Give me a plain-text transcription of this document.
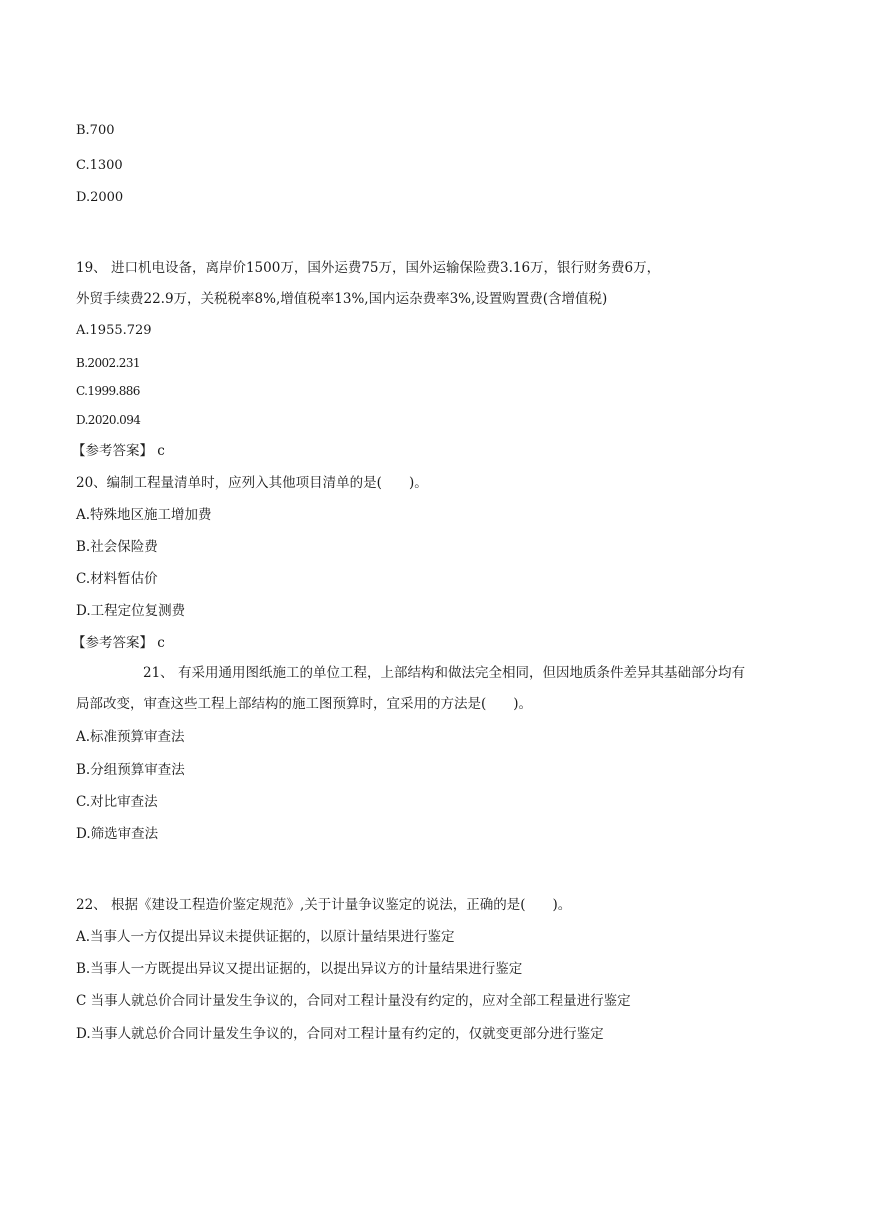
B.700
C.1300
D.2000
19、 进口机电设备，离岸价1500万，国外运费75万，国外运输保险费3.16万，银行财务费6万，
外贸手续费22.9万，关税税率8%,增值税率13%,国内运杂费率3%,设置购置费(含增值税)
A.1955.729
B.2002.231
C.1999.886
D.2020.094
【参考答案】 c
20、编制工程量清单时，应列入其他项目清单的是(　　)。
A.特殊地区施工增加费
B.社会保险费
C.材料暂估价
D.工程定位复测费
【参考答案】 c
21、 有采用通用图纸施工的单位工程，上部结构和做法完全相同，但因地质条件差异其基础部分均有
局部改变，审查这些工程上部结构的施工图预算时，宜采用的方法是(　　)。
A.标准预算审查法
B.分组预算审查法
C.对比审查法
D.筛选审查法
22、 根据《建设工程造价鉴定规范》,关于计量争议鉴定的说法，正确的是(　　)。
A.当事人一方仅提出异议未提供证据的，以原计量结果进行鉴定
B.当事人一方既提出异议又提出证据的，以提出异议方的计量结果进行鉴定
C 当事人就总价合同计量发生争议的，合同对工程计量没有约定的，应对全部工程量进行鉴定
D.当事人就总价合同计量发生争议的，合同对工程计量有约定的，仅就变更部分进行鉴定
